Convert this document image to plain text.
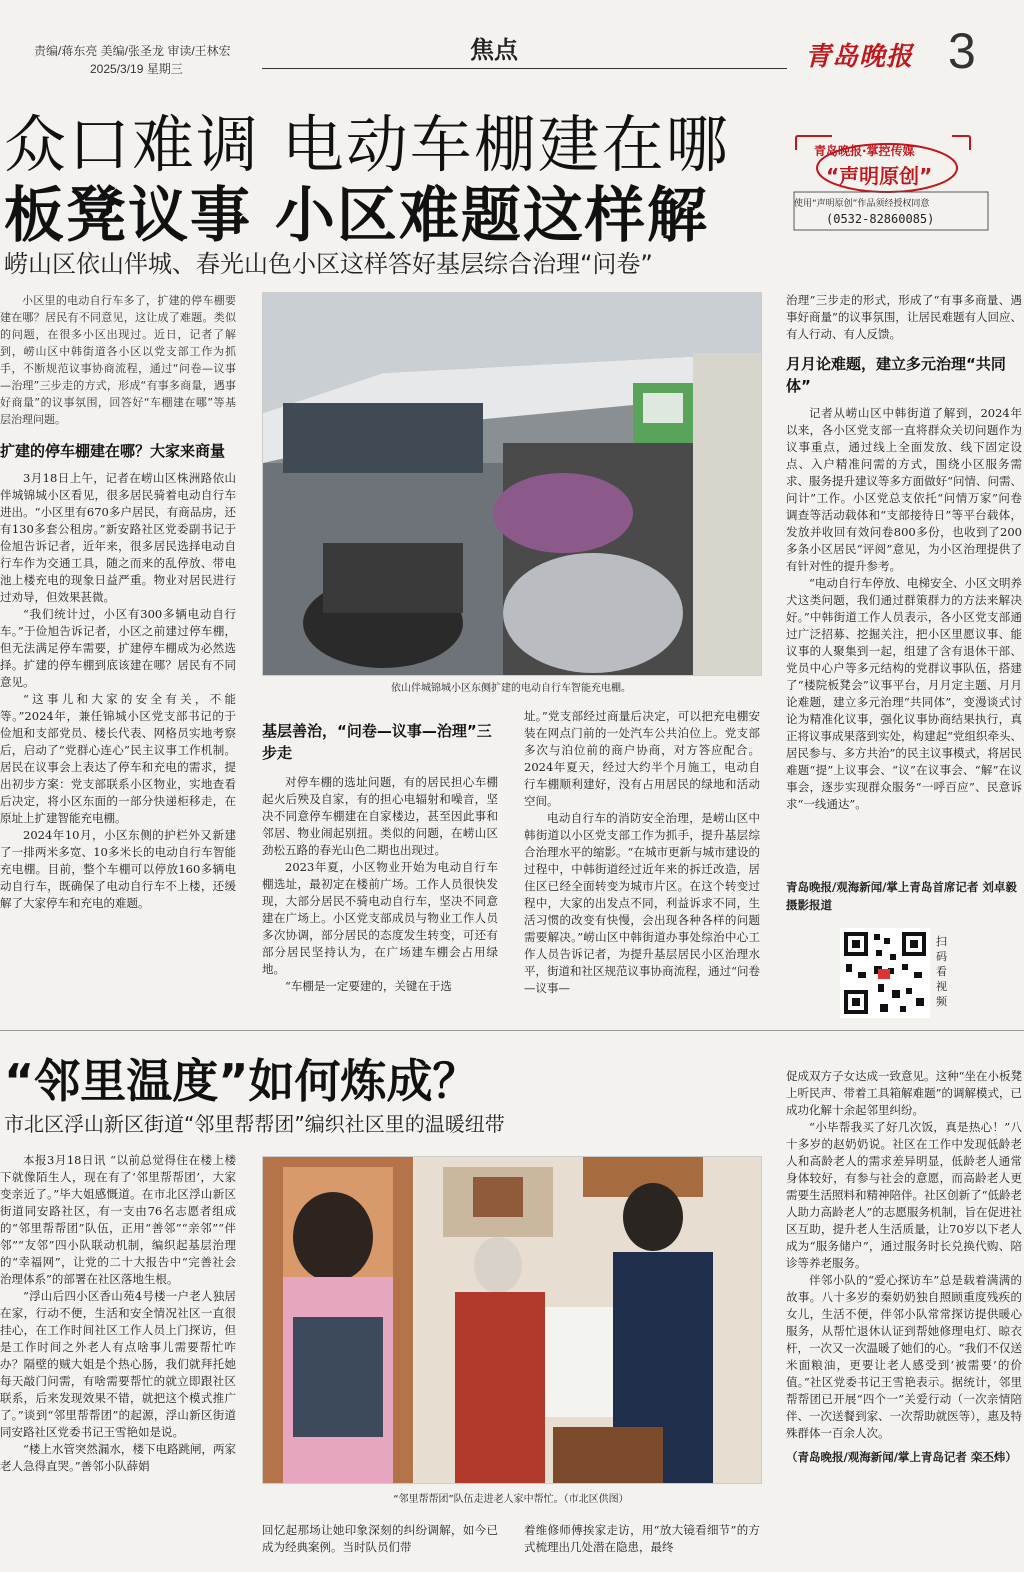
责编/蒋东亮 美编/张圣龙 审读/王林宏
2025/3/19 星期三
焦点	青岛晚报 3
众口难调 电动车棚建在哪
板凳议事 小区难题这样解
崂山区依山伴城、春光山色小区这样答好基层综合治理“问卷”
青岛晚报·掌控传媒
“声明原创”
使用“声明原创”作品须经授权同意
(0532-82860085)
小区里的电动自行车多了，扩建的停车棚要建在哪？居民有不同意见，这让成了难题。类似的问题，在很多小区出现过。近日，记者了解到，崂山区中韩街道各小区以党支部工作为抓手，不断规范议事协商流程，通过“问卷—议事—治理”三步走的方式，形成“有事多商量，遇事好商量”的议事氛围，回答好“车棚建在哪”等基层治理问题。
扩建的停车棚建在哪？大家来商量

3月18日上午，记者在崂山区株洲路依山伴城锦城小区看见，很多居民骑着电动自行车进出。“小区里有670多户居民，有商品房，还有130多套公租房。”新安路社区党委副书记于俭旭告诉记者，近年来，很多居民选择电动自行车作为交通工具，随之而来的乱停放、带电池上楼充电的现象日益严重。物业对居民进行过劝导，但效果甚微。

“我们统计过，小区有300多辆电动自行车。”于俭旭告诉记者，小区之前建过停车棚，但无法满足停车需要，扩建停车棚成为必然选择。扩建的停车棚到底该建在哪？居民有不同意见。

“这事儿和大家的安全有关，不能等。”2024年，兼任锦城小区党支部书记的于俭旭和支部党员、楼长代表、网格员实地考察后，启动了“党群心连心”民主议事工作机制。居民在议事会上表达了停车和充电的需求，提出初步方案：党支部联系小区物业，实地查看后决定，将小区东面的一部分快递柜移走，在原址上扩建智能充电棚。

2024年10月，小区东侧的护栏外又新建了一排两米多宽、10多米长的电动自行车智能充电棚。目前，整个车棚可以停放160多辆电动自行车，既确保了电动自行车不上楼，还缓解了大家停车和充电的难题。

依山伴城锦城小区东侧扩建的电动自行车智能充电棚。
基层善治，“问卷—议事—治理”三步走

对停车棚的选址问题，有的居民担心车棚起火后殃及自家，有的担心电辐射和噪音，坚决不同意停车棚建在自家楼边，甚至因此事和邻居、物业闹起别扭。类似的问题，在崂山区劲松五路的春光山色二期也出现过。

2023年夏，小区物业开始为电动自行车棚选址，最初定在楼前广场。工作人员很快发现，大部分居民不骑电动自行车，坚决不同意建在广场上。小区党支部成员与物业工作人员多次协调，部分居民的态度发生转变，可还有部分居民坚持认为，在广场建车棚会占用绿地。

“车棚是一定要建的，关键在于选

址。”党支部经过商量后决定，可以把充电棚安装在网点门前的一处汽车公共泊位上。党支部多次与泊位前的商户协商，对方答应配合。2024年夏天，经过大约半个月施工，电动自行车棚顺利建好，没有占用居民的绿地和活动空间。

电动自行车的消防安全治理，是崂山区中韩街道以小区党支部工作为抓手，提升基层综合治理水平的缩影。“在城市更新与城市建设的过程中，中韩街道经过近年来的拆迁改造，居住区已经全面转变为城市片区。在这个转变过程中，大家的出发点不同，利益诉求不同，生活习惯的改变有快慢，会出现各种各样的问题需要解决。”崂山区中韩街道办事处综治中心工作人员告诉记者，为提升基层居民小区治理水平，街道和社区规范议事协商流程，通过“问卷—议事—

治理”三步走的形式，形成了“有事多商量、遇事好商量”的议事氛围，让居民难题有人回应、有人行动、有人反馈。

月月论难题，建立多元治理“共同体”

记者从崂山区中韩街道了解到，2024年以来，各小区党支部一直将群众关切问题作为议事重点，通过线上全面发放、线下固定设点、入户精准问需的方式，围绕小区服务需求、服务提升建议等多方面做好“问情、问需、问计”工作。小区党总支依托“问情万家”问卷调查等活动载体和“支部接待日”等平台载体，发放并收回有效问卷800多份，也收到了200多条小区居民“评阅”意见，为小区治理提供了有针对性的提升参考。

“电动自行车停放、电梯安全、小区文明养犬这类问题，我们通过群策群力的方法来解决好。”中韩街道工作人员表示，各小区党支部通过广泛招募、挖掘关注，把小区里愿议事、能议事的人聚集到一起，组建了含有退休干部、党员中心户等多元结构的党群议事队伍，搭建了“楼院板凳会”议事平台，月月定主题、月月论难题，建立多元治理“共同体”，变漫谈式讨论为精准化议事，强化议事协商结果执行，真正将议事成果落到实处，构建起“党组织牵头、居民参与、多方共治”的民主议事模式，将居民难题“提”上议事会、“议”在议事会、“解”在议事会，逐步实现群众服务“一呼百应”、民意诉求“一线通达”。

青岛晚报/观海新闻/掌上青岛首席记者 刘卓毅 摄影报道
扫码看视频
“邻里温度”如何炼成？
市北区浮山新区街道“邻里帮帮团”编织社区里的温暖纽带

本报3月18日讯 “以前总觉得住在楼上楼下就像陌生人，现在有了‘邻里帮帮团’，大家变亲近了。”毕大姐感慨道。在市北区浮山新区街道同安路社区，有一支由76名志愿者组成的“邻里帮帮团”队伍，正用“善邻”“亲邻”“伴邻”“友邻”四小队联动机制，编织起基层治理的“幸福网”，让党的二十大报告中“完善社会治理体系”的部署在社区落地生根。

“浮山后四小区香山苑4号楼一户老人独居在家，行动不便，生活和安全情况社区一直很挂心，在工作时间社区工作人员上门探访，但是工作时间之外老人有点啥事儿需要帮忙咋办？隔壁的贼大姐是个热心肠，我们就拜托她每天敲门问需，有啥需要帮忙的就立即跟社区联系，后来发现效果不错，就把这个模式推广了。”谈到“邻里帮帮团”的起源，浮山新区街道同安路社区党委书记王雪艳如是说。

“楼上水管突然漏水，楼下电路跳闸，两家老人急得直哭。”善邻小队薛娟

“邻里帮帮团”队伍走进老人家中帮忙。（市北区供图）

回忆起那场让她印象深刻的纠纷调解，如今已成为经典案例。当时队员们带

着维修师傅挨家走访，用“放大镜看细节”的方式梳理出几处潜在隐患，最终

促成双方子女达成一致意见。这种“坐在小板凳上听民声、带着工具箱解难题”的调解模式，已成功化解十余起邻里纠纷。

“小毕帮我买了好几次饭，真是热心！”八十多岁的赵奶奶说。社区在工作中发现低龄老人和高龄老人的需求差异明显，低龄老人通常身体较好，有参与社会的意愿，而高龄老人更需要生活照料和精神陪伴。社区创新了“低龄老人助力高龄老人”的志愿服务机制，旨在促进社区互助，提升老人生活质量，让70岁以下老人成为“服务储户”，通过服务时长兑换代购、陪诊等养老服务。

伴邻小队的“爱心探访车”总是载着满满的故事。八十多岁的秦奶奶独自照顾重度残疾的女儿，生活不便，伴邻小队常常探访提供暖心服务，从帮忙退休认证到帮她修理电灯、晾衣杆，一次又一次温暖了她们的心。“我们不仅送米面粮油，更要让老人感受到‘被需要’的价值。”社区党委书记王雪艳表示。据统计，邻里帮帮团已开展“四个一”关爱行动（一次亲情陪伴、一次送餐到家、一次帮助就医等），惠及特殊群体一百余人次。

（青岛晚报/观海新闻/掌上青岛记者 栾丕炜）
